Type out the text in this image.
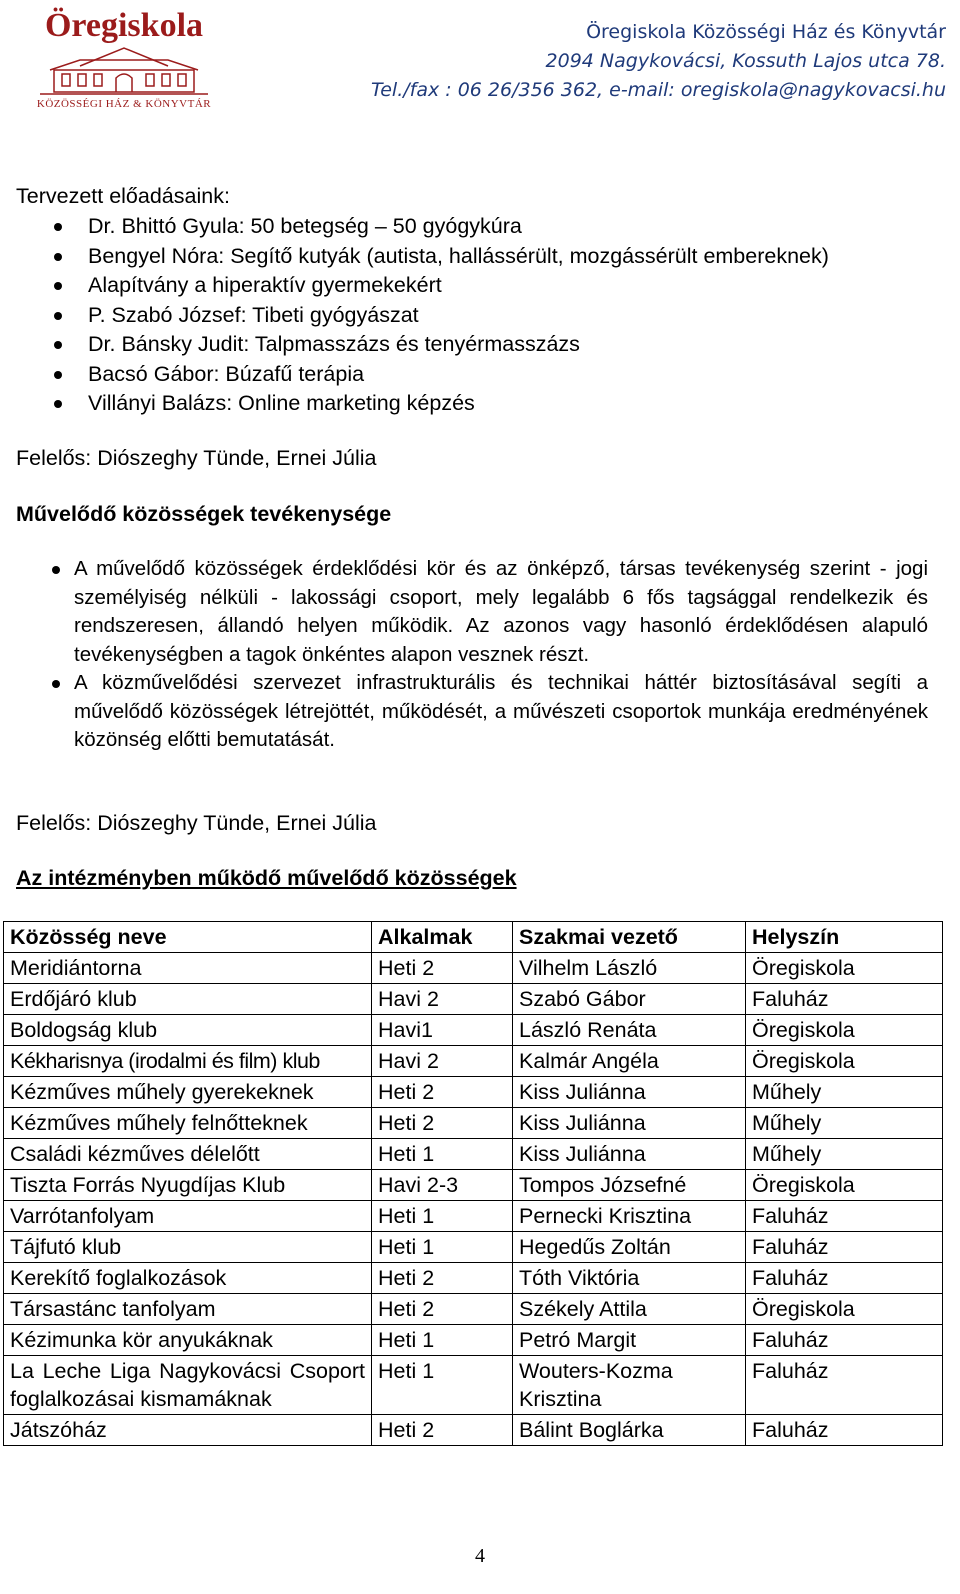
Öregiskola
KÖZÖSSÉGI HÁZ & KÖNYVTÁR
Öregiskola Közösségi Ház és Könyvtár
2094 Nagykovácsi, Kossuth Lajos utca 78.
Tel./fax : 06 26/356 362, e-mail: oregiskola@nagykovacsi.hu
Tervezett előadásaink:
Dr. Bhittó Gyula: 50 betegség – 50 gyógykúra
Bengyel Nóra: Segítő kutyák (autista, hallássérült, mozgássérült embereknek)
Alapítvány a hiperaktív gyermekekért
P. Szabó József: Tibeti gyógyászat
Dr. Bánsky Judit: Talpmasszázs és tenyérmasszázs
Bacsó Gábor: Búzafű terápia
Villányi Balázs: Online marketing képzés
Felelős: Diószeghy Tünde, Ernei Júlia
Művelődő közösségek tevékenysége
A művelődő közösségek érdeklődési kör és az önképző, társas tevékenység szerint - jogi személyiség nélküli - lakossági csoport, mely legalább 6 fős tagsággal rendelkezik és rendszeresen, állandó helyen működik. Az azonos vagy hasonló érdeklődésen alapuló tevékenységben a tagok önkéntes alapon vesznek részt.
A közművelődési szervezet infrastrukturális és technikai háttér biztosításával segíti a művelődő közösségek létrejöttét, működését, a művészeti csoportok munkája eredményének közönség előtti bemutatását.
Felelős: Diószeghy Tünde, Ernei Júlia
Az intézményben működő művelődő közösségek
Közösség neve	Alkalmak	Szakmai vezető	Helyszín
Meridiántorna	Heti 2	Vilhelm László	Öregiskola
Erdőjáró klub	Havi 2	Szabó Gábor	Faluház
Boldogság klub	Havi1	László Renáta	Öregiskola
Kékharisnya (irodalmi és film) klub	Havi 2	Kalmár Angéla	Öregiskola
Kézműves műhely gyerekeknek	Heti 2	Kiss Juliánna	Műhely
Kézműves műhely felnőtteknek	Heti 2	Kiss Juliánna	Műhely
Családi kézműves délelőtt	Heti 1	Kiss Juliánna	Műhely
Tiszta Forrás Nyugdíjas Klub	Havi 2-3	Tompos Józsefné	Öregiskola
Varrótanfolyam	Heti 1	Pernecki Krisztina	Faluház
Tájfutó klub	Heti 1	Hegedűs Zoltán	Faluház
Kerekítő foglalkozások	Heti 2	Tóth Viktória	Faluház
Társastánc tanfolyam	Heti 2	Székely Attila	Öregiskola
Kézimunka kör anyukáknak	Heti 1	Petró Margit	Faluház
La Leche Liga Nagykovácsi Csoport foglalkozásai kismamáknak	Heti 1	Wouters-Kozma Krisztina	Faluház
Játszóház	Heti 2	Bálint Boglárka	Faluház
4
